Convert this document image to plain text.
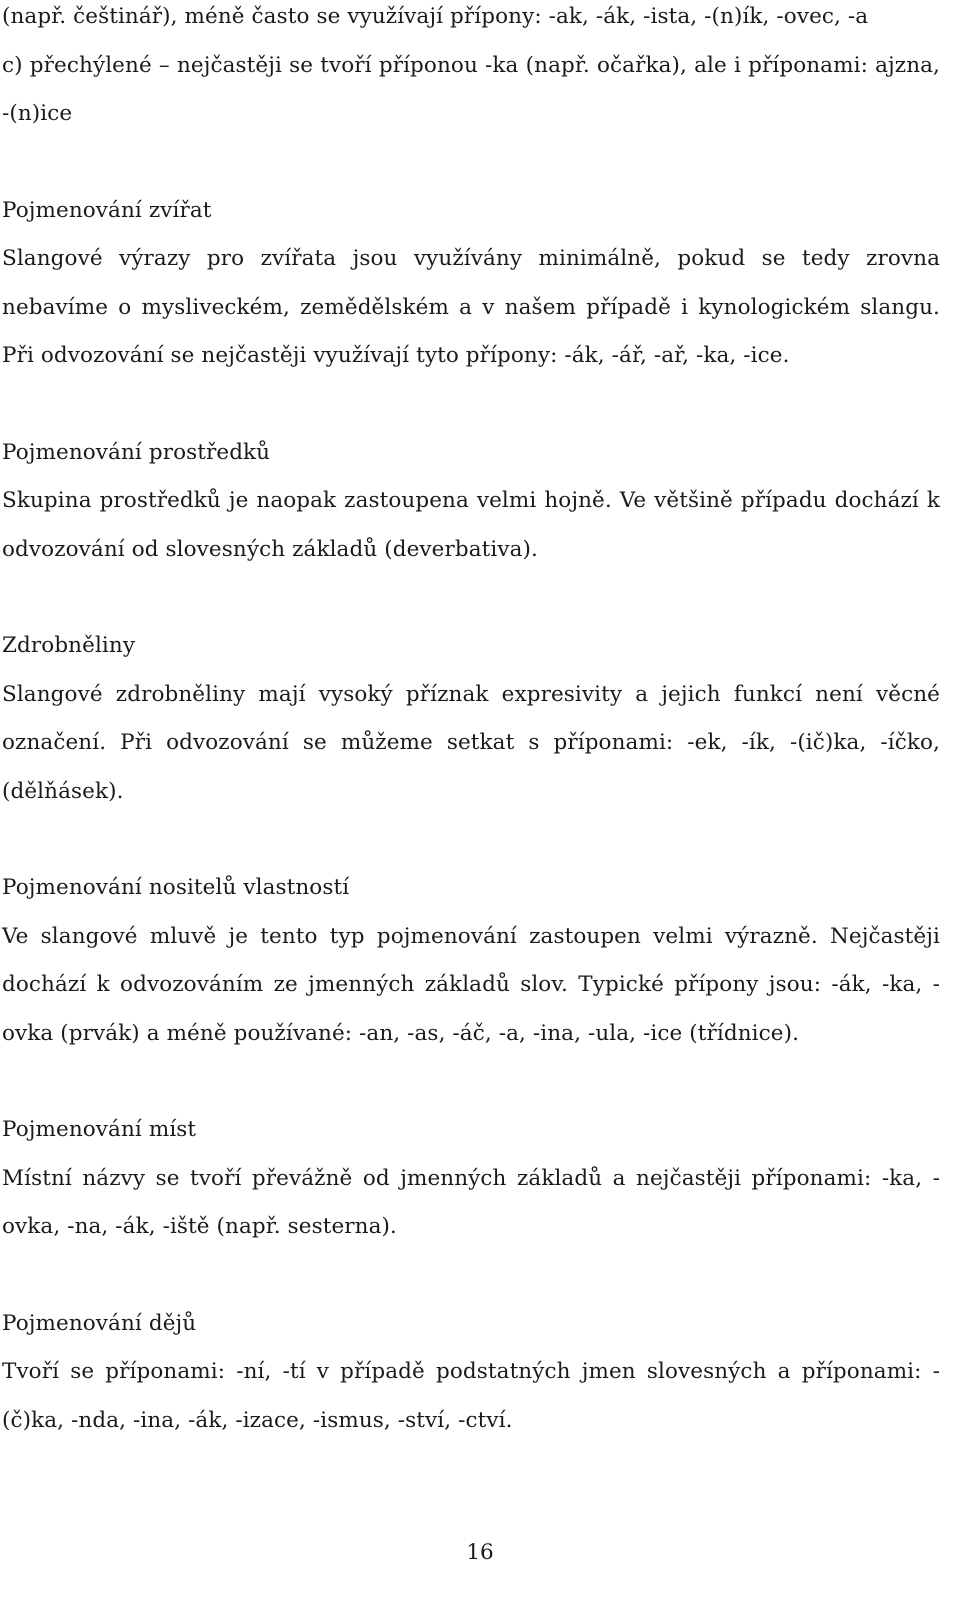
(např. češtinář), méně často se využívají přípony: -ak, -ák, -ista, -(n)ík, -ovec, -a

c) přechýlené – nejčastěji se tvoří příponou -ka (např. očařka), ale i příponami: ajzna, -(n)ice

Pojmenování zvířat

Slangové výrazy pro zvířata jsou využívány minimálně, pokud se tedy zrovna nebavíme o mysliveckém, zemědělském a v našem případě i kynologickém slangu. Při odvozování se nejčastěji využívají tyto přípony: -ák, -ář, -ař, -ka, -ice.

Pojmenování prostředků

Skupina prostředků je naopak zastoupena velmi hojně. Ve většině případu dochází k odvozování od slovesných základů (deverbativa).

Zdrobněliny

Slangové zdrobněliny mají vysoký příznak expresivity a jejich funkcí není věcné označení. Při odvozování se můžeme setkat s příponami: -ek, -ík, -(ič)ka, -íčko, (dělňásek).

Pojmenování nositelů vlastností

Ve slangové mluvě je tento typ pojmenování zastoupen velmi výrazně. Nejčastěji dochází k odvozováním ze jmenných základů slov. Typické přípony jsou: -ák, -ka, -ovka (prvák) a méně používané: -an, -as, -áč, -a, -ina, -ula, -ice (třídnice).

Pojmenování míst

Místní názvy se tvoří převážně od jmenných základů a nejčastěji příponami: -ka, -ovka, -na, -ák, -iště (např. sesterna).

Pojmenování dějů

Tvoří se příponami: -ní, -tí v případě podstatných jmen slovesných a příponami: -(č)ka, -nda, -ina, -ák, -izace, -ismus, -ství, -ctví.

16
